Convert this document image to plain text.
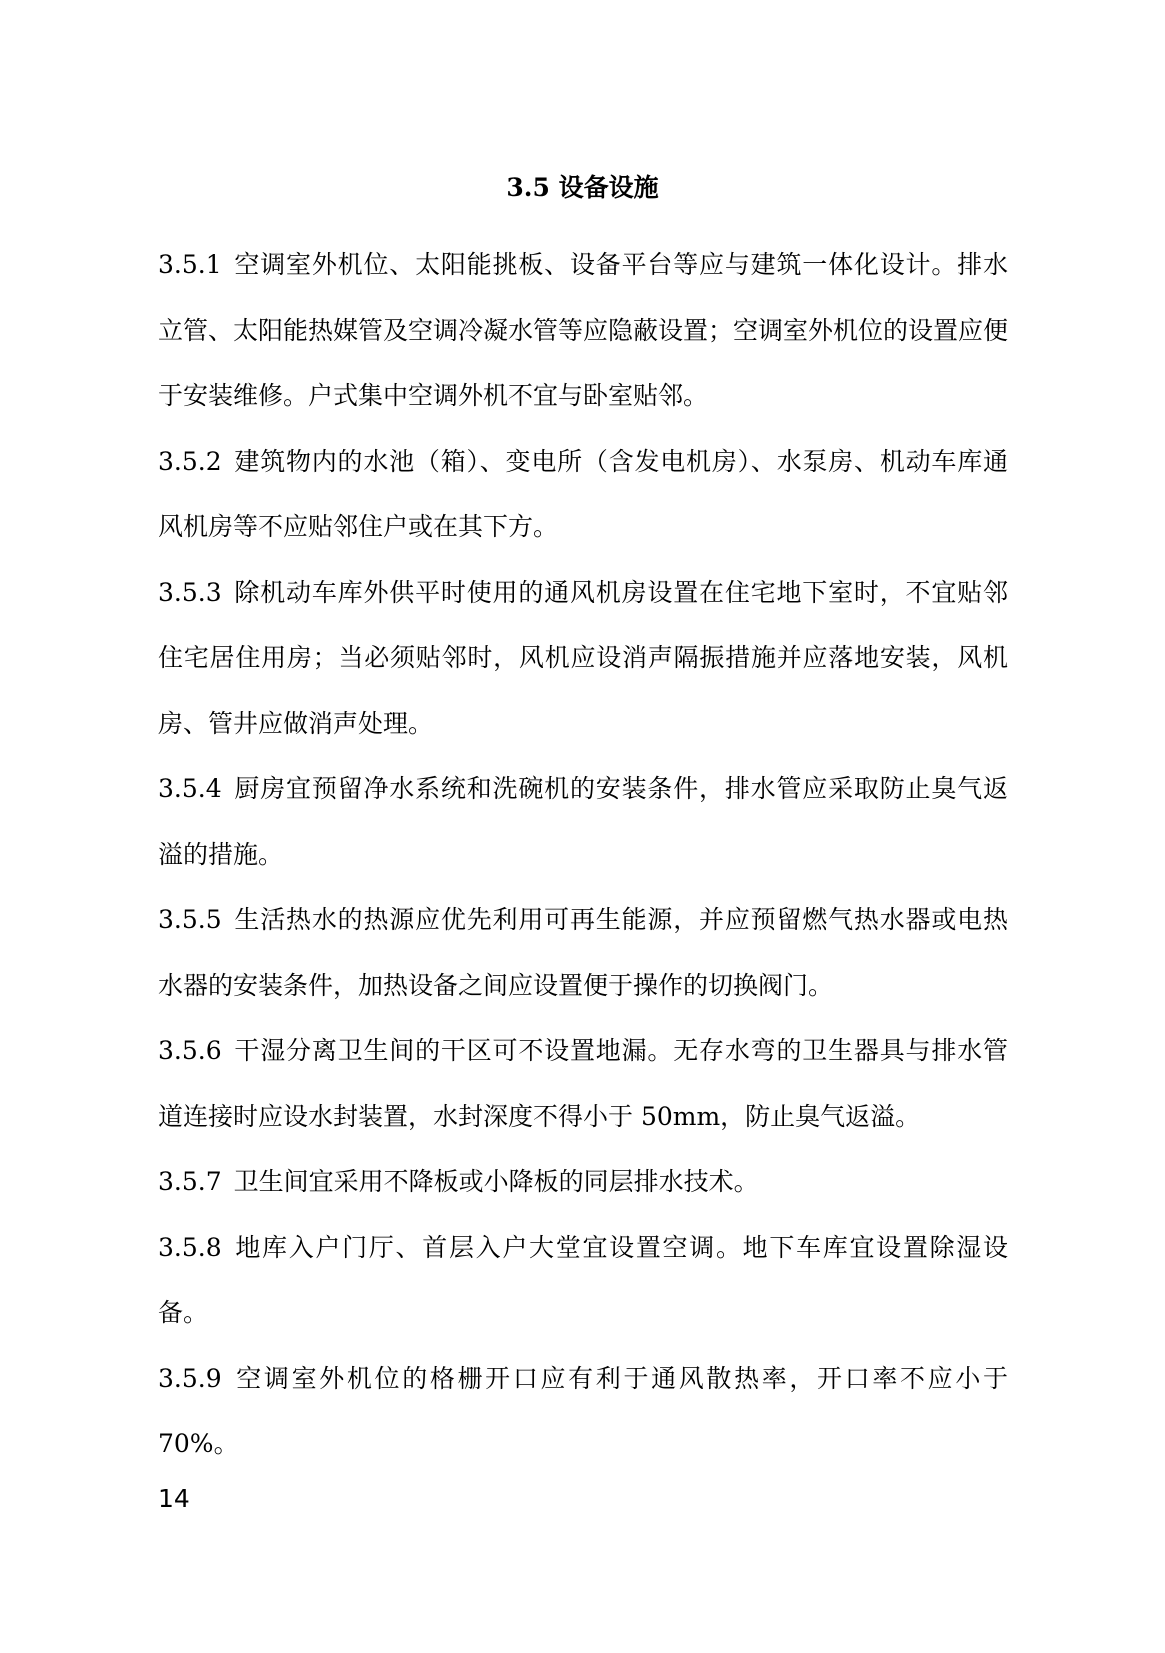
3.5 设备设施

3.5.1 空调室外机位、太阳能挑板、设备平台等应与建筑一体化设计。排水立管、太阳能热媒管及空调冷凝水管等应隐蔽设置；空调室外机位的设置应便于安装维修。户式集中空调外机不宜与卧室贴邻。

3.5.2 建筑物内的水池（箱）、变电所（含发电机房）、水泵房、机动车库通风机房等不应贴邻住户或在其下方。

3.5.3 除机动车库外供平时使用的通风机房设置在住宅地下室时，不宜贴邻住宅居住用房；当必须贴邻时，风机应设消声隔振措施并应落地安装，风机房、管井应做消声处理。

3.5.4 厨房宜预留净水系统和洗碗机的安装条件，排水管应采取防止臭气返溢的措施。

3.5.5 生活热水的热源应优先利用可再生能源，并应预留燃气热水器或电热水器的安装条件，加热设备之间应设置便于操作的切换阀门。

3.5.6 干湿分离卫生间的干区可不设置地漏。无存水弯的卫生器具与排水管道连接时应设水封装置，水封深度不得小于 50mm，防止臭气返溢。

3.5.7 卫生间宜采用不降板或小降板的同层排水技术。

3.5.8 地库入户门厅、首层入户大堂宜设置空调。地下车库宜设置除湿设备。

3.5.9 空调室外机位的格栅开口应有利于通风散热率，开口率不应小于 70%。

14
